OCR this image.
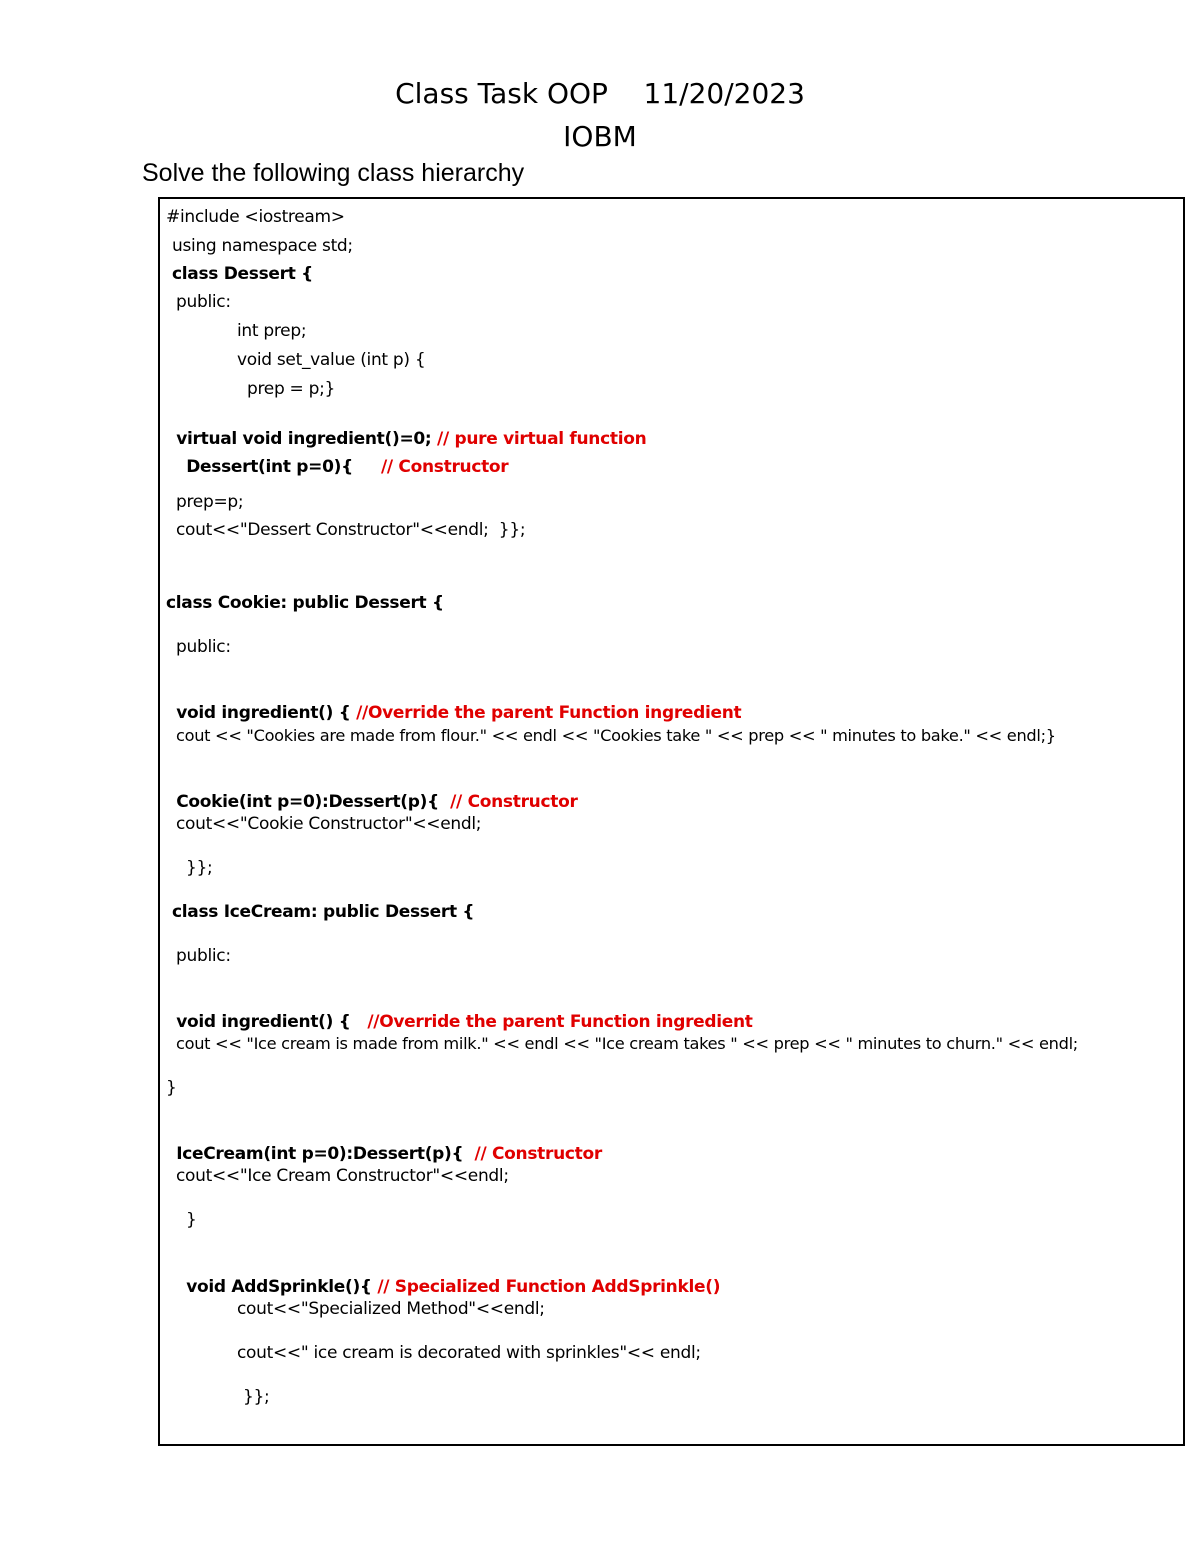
Class Task OOP    11/20/2023
IOBM
Solve the following class hierarchy
#include <iostream>
using namespace std;
class Dessert {
public:
int prep;
void set_value (int p) {
prep = p;}

virtual void ingredient()=0; // pure virtual function

Dessert(int p=0){     // Constructor

prep=p;
cout<<"Dessert Constructor"<<endl;  }};
class Cookie: public Dessert {
public:

void ingredient() { //Override the parent Function ingredient

cout << "Cookies are made from flour." << endl << "Cookies take " << prep << " minutes to bake." << endl;}

Cookie(int p=0):Dessert(p){  // Constructor

cout<<"Cookie Constructor"<<endl;
}};
class IceCream: public Dessert {
public:

void ingredient() {   //Override the parent Function ingredient

cout << "Ice cream is made from milk." << endl << "Ice cream takes " << prep << " minutes to churn." << endl;
}

IceCream(int p=0):Dessert(p){  // Constructor

cout<<"Ice Cream Constructor"<<endl;
}

void AddSprinkle(){ // Specialized Function AddSprinkle()

cout<<"Specialized Method"<<endl;
cout<<" ice cream is decorated with sprinkles"<< endl;
}};
